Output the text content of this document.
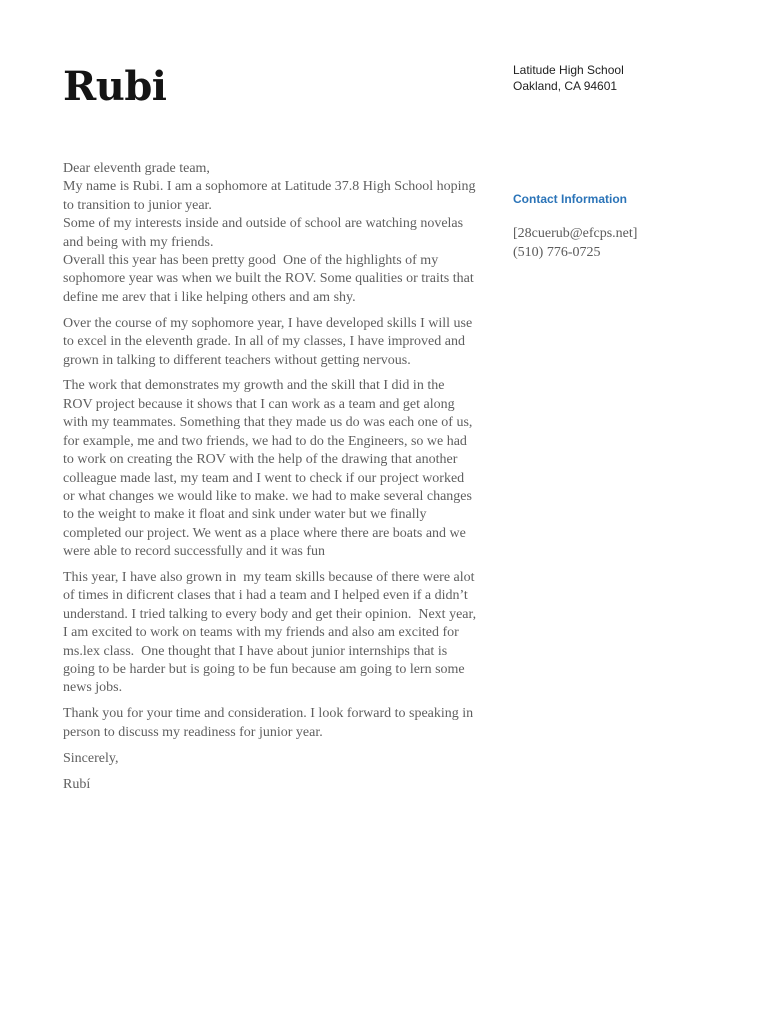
Rubi	Latitude High School
Oakland, CA 94601
Contact Information
[28cuerub@efcps.net]
(510) 776-0725

Dear eleventh grade team,

My name is Rubi. I am a sophomore at Latitude 37.8 High School hoping to transition to junior year.

Some of my interests inside and outside of school are watching novelas and being with my friends.

Overall this year has been pretty good  One of the highlights of my sophomore year was when we built the ROV. Some qualities or traits that define me arev that i like helping others and am shy.

Over the course of my sophomore year, I have developed skills I will use to excel in the eleventh grade. In all of my classes, I have improved and grown in talking to different teachers without getting nervous.

The work that demonstrates my growth and the skill that I did in the ROV project because it shows that I can work as a team and get along with my teammates. Something that they made us do was each one of us, for example, me and two friends, we had to do the Engineers, so we had to work on creating the ROV with the help of the drawing that another colleague made last, my team and I went to check if our project worked or what changes we would like to make. we had to make several changes to the weight to make it float and sink under water but we finally completed our project. We went as a place where there are boats and we were able to record successfully and it was fun

This year, I have also grown in  my team skills because of there were alot of times in dificrent clases that i had a team and I helped even if a didn’t understand. I tried talking to every body and get their opinion.  Next year, I am excited to work on teams with my friends and also am excited for ms.lex class.  One thought that I have about junior internships that is going to be harder but is going to be fun because am going to lern some news jobs.

Thank you for your time and consideration. I look forward to speaking in person to discuss my readiness for junior year.

Sincerely,

Rubí
